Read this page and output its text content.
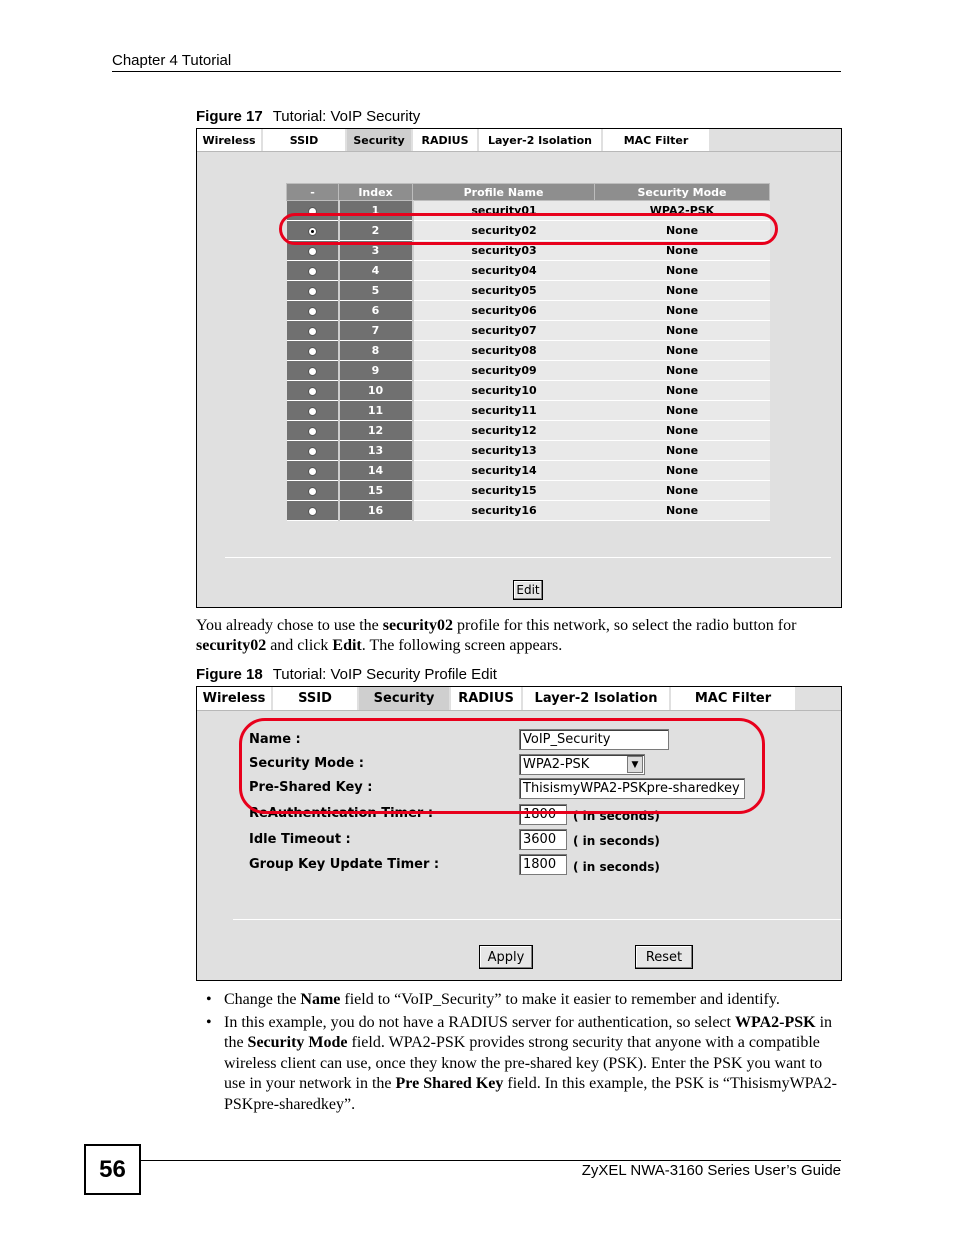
Chapter 4 Tutorial
Figure 17 Tutorial: VoIP Security
Wireless	SSID	Security	RADIUS	Layer-2 Isolation	MAC Filter
-	Index	Profile Name	Security Mode
	1	security01	WPA2-PSK
	2	security02	None
	3	security03	None
	4	security04	None
	5	security05	None
	6	security06	None
	7	security07	None
	8	security08	None
	9	security09	None
	10	security10	None
	11	security11	None
	12	security12	None
	13	security13	None
	14	security14	None
	15	security15	None
	16	security16	None
Edit
You already chose to use the security02 profile for this network, so select the radio button for security02 and click Edit. The following screen appears.
Figure 18 Tutorial: VoIP Security Profile Edit
Wireless	SSID	Security	RADIUS	Layer-2 Isolation	MAC Filter
Name :	VoIP_Security
Security Mode :	WPA2-PSK	▼
Pre-Shared Key :	ThisismyWPA2-PSKpre-sharedkey
ReAuthentication Timer :	1800	( in seconds)
Idle Timeout :	3600	( in seconds)
Group Key Update Timer :	1800	( in seconds)
Apply	Reset
• Change the Name field to “VoIP_Security” to make it easier to remember and identify.
• In this example, you do not have a RADIUS server for authentication, so select WPA2-PSK in the Security Mode field. WPA2-PSK provides strong security that anyone with a compatible wireless client can use, once they know the pre-shared key (PSK). Enter the PSK you want to use in your network in the Pre Shared Key field. In this example, the PSK is “ThisismyWPA2-PSKpre-sharedkey”.
56	ZyXEL NWA-3160 Series User’s Guide
